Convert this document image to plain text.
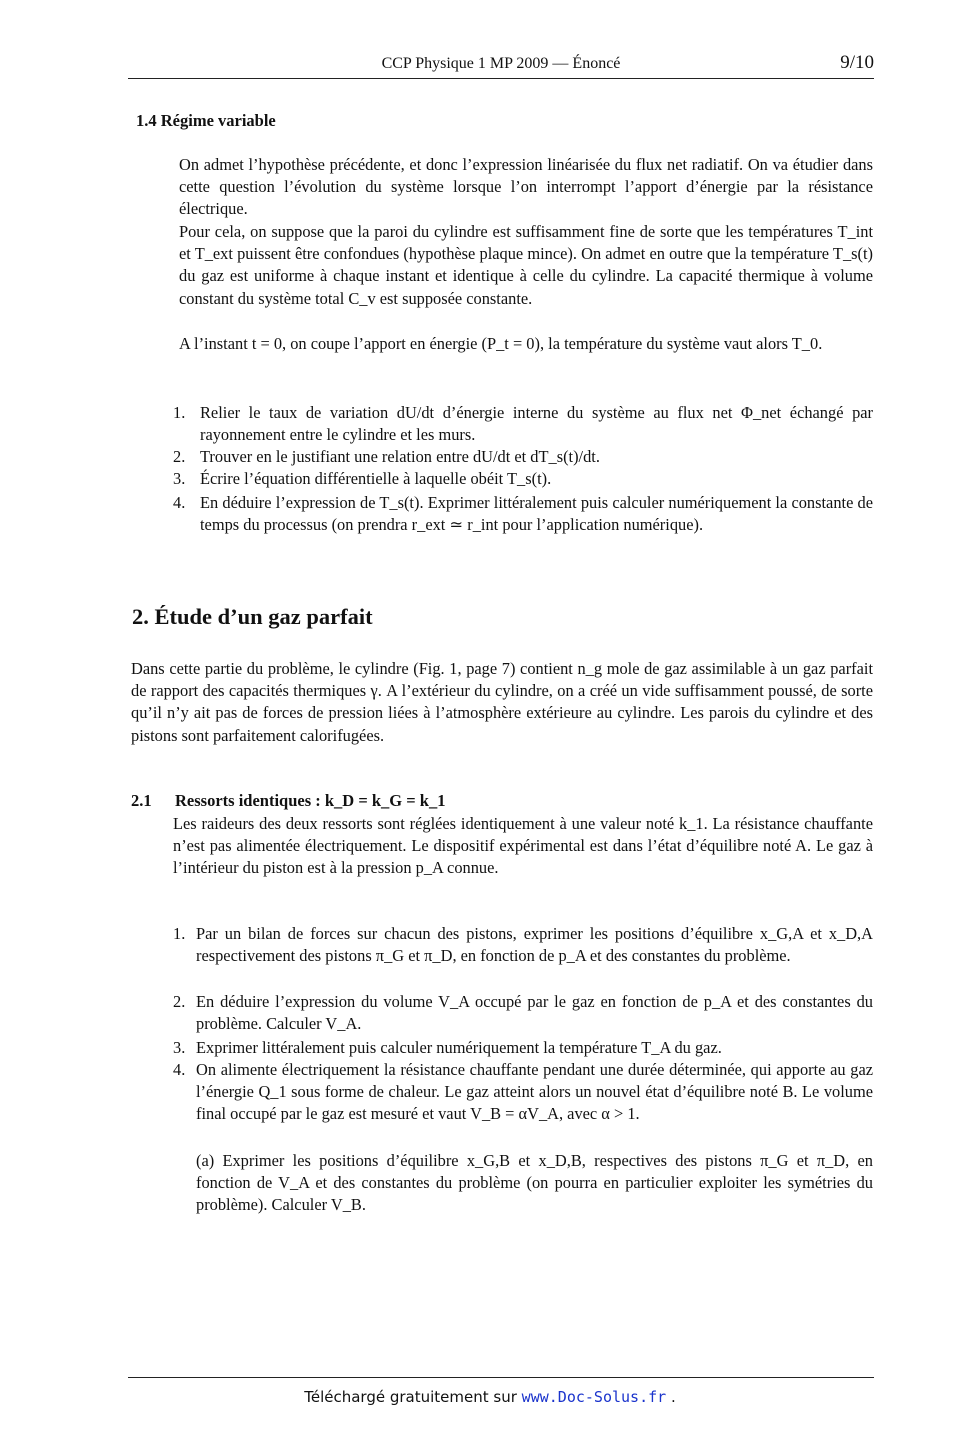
CCP Physique 1 MP 2009 — Énoncé	9/10
1.4 Régime variable
On admet l’hypothèse précédente, et donc l’expression linéarisée du flux net radiatif. On va étudier dans cette question l’évolution du système lorsque l’on interrompt l’apport d’énergie par la résistance électrique.
Pour cela, on suppose que la paroi du cylindre est suffisamment fine de sorte que les températures T_int et T_ext puissent être confondues (hypothèse plaque mince). On admet en outre que la température T_s(t) du gaz est uniforme à chaque instant et identique à celle du cylindre. La capacité thermique à volume constant du système total C_v est supposée constante.
A l’instant t = 0, on coupe l’apport en énergie (P_t = 0), la température du système vaut alors T_0.
1. Relier le taux de variation dU/dt d’énergie interne du système au flux net Φ_net échangé par rayonnement entre le cylindre et les murs.
2. Trouver en le justifiant une relation entre dU/dt et dT_s(t)/dt.
3. Écrire l’équation différentielle à laquelle obéit T_s(t).
4. En déduire l’expression de T_s(t). Exprimer littéralement puis calculer numériquement la constante de temps du processus (on prendra r_ext ≃ r_int pour l’application numérique).
2. Étude d’un gaz parfait
Dans cette partie du problème, le cylindre (Fig. 1, page 7) contient n_g mole de gaz assimilable à un gaz parfait de rapport des capacités thermiques γ. A l’extérieur du cylindre, on a créé un vide suffisamment poussé, de sorte qu’il n’y ait pas de forces de pression liées à l’atmosphère extérieure au cylindre. Les parois du cylindre et des pistons sont parfaitement calorifugées.
2.1 Ressorts identiques : k_D = k_G = k_1
Les raideurs des deux ressorts sont réglées identiquement à une valeur noté k_1. La résistance chauffante n’est pas alimentée électriquement. Le dispositif expérimental est dans l’état d’équilibre noté A. Le gaz à l’intérieur du piston est à la pression p_A connue.
1. Par un bilan de forces sur chacun des pistons, exprimer les positions d’équilibre x_G,A et x_D,A respectivement des pistons π_G et π_D, en fonction de p_A et des constantes du problème.
2. En déduire l’expression du volume V_A occupé par le gaz en fonction de p_A et des constantes du problème. Calculer V_A.
3. Exprimer littéralement puis calculer numériquement la température T_A du gaz.
4. On alimente électriquement la résistance chauffante pendant une durée déterminée, qui apporte au gaz l’énergie Q_1 sous forme de chaleur. Le gaz atteint alors un nouvel état d’équilibre noté B. Le volume final occupé par le gaz est mesuré et vaut V_B = αV_A, avec α > 1.
(a) Exprimer les positions d’équilibre x_G,B et x_D,B, respectives des pistons π_G et π_D, en fonction de V_A et des constantes du problème (on pourra en particulier exploiter les symétries du problème). Calculer V_B.
Téléchargé gratuitement sur www.Doc-Solus.fr .
